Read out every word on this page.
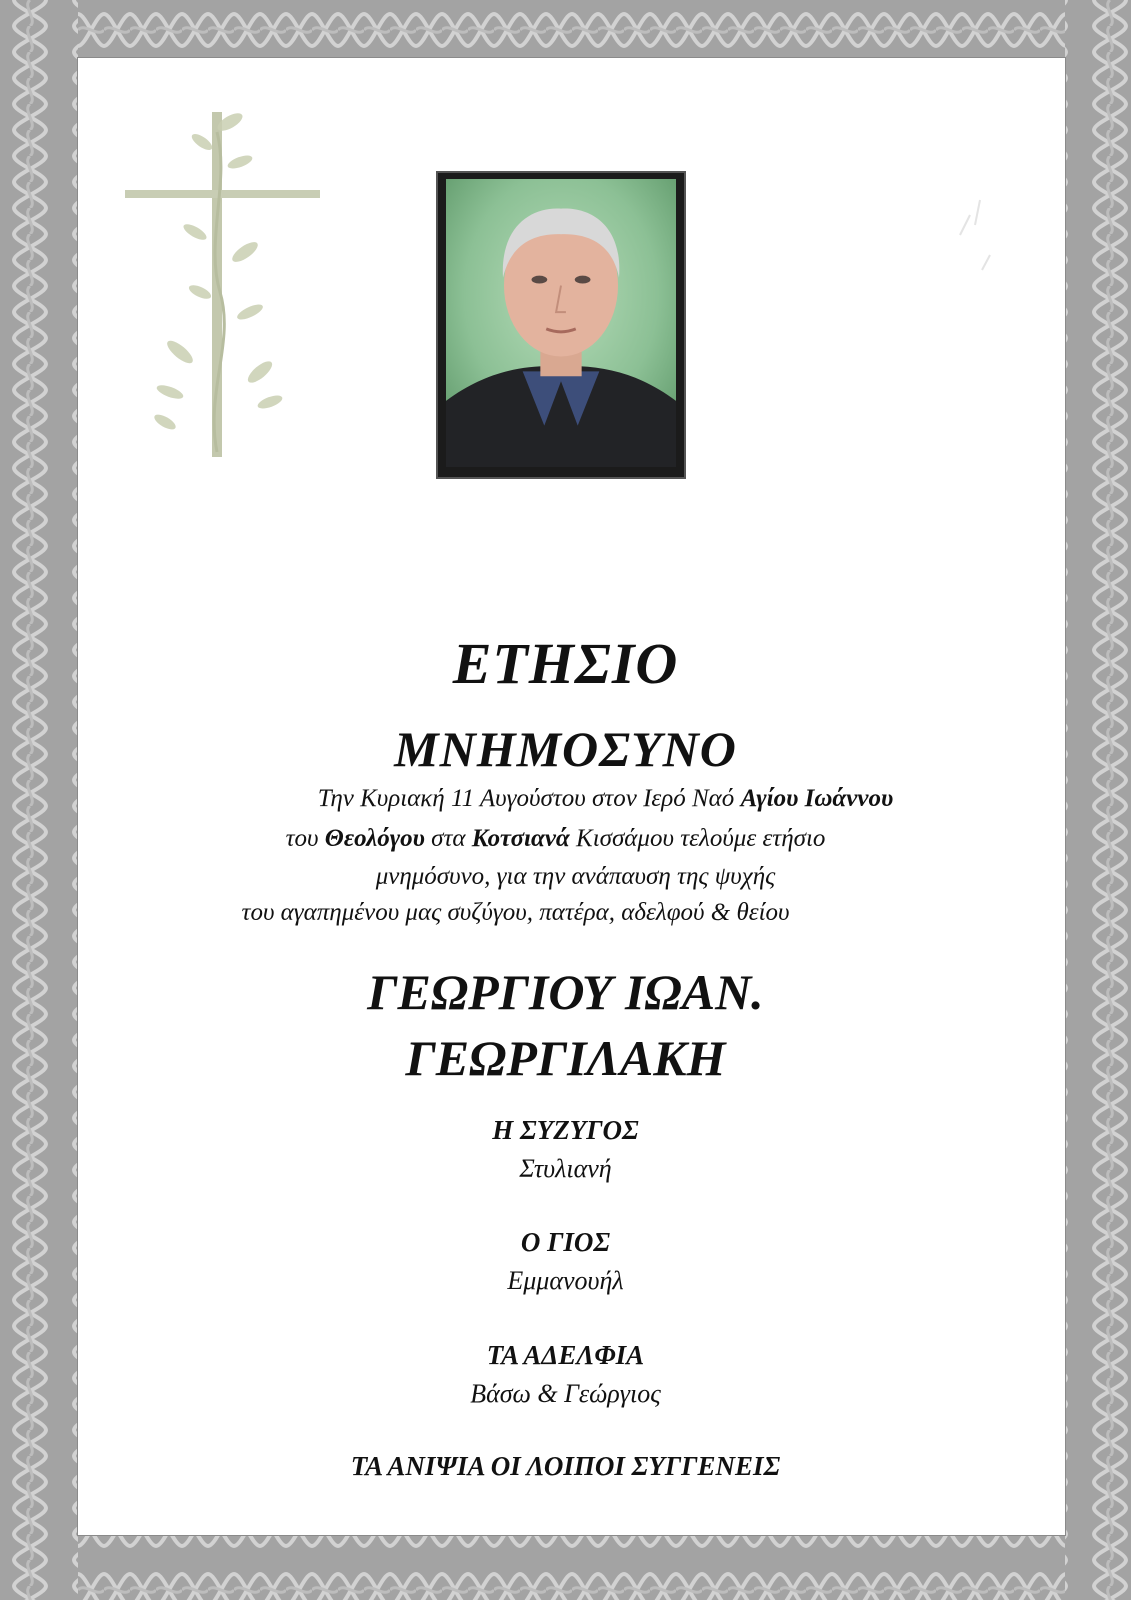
ΕΤΗΣΙΟ
ΜΝΗΜΟΣΥΝΟ
Την Κυριακή 11 Αυγούστου στον Ιερό Ναό Αγίου Ιωάννου
του Θεολόγου στα Κοτσιανά Κισσάμου τελούμε ετήσιο
μνημόσυνο, για την ανάπαυση της ψυχής
του αγαπημένου μας συζύγου, πατέρα, αδελφού & θείου
ΓΕΩΡΓΙΟΥ ΙΩΑΝ.
ΓΕΩΡΓΙΛΑΚΗ
Η ΣΥΖΥΓΟΣ
Στυλιανή
Ο ΓΙΟΣ
Εμμανουήλ
ΤΑ ΑΔΕΛΦΙΑ
Βάσω & Γεώργιος
ΤΑ ΑΝΙΨΙΑ ΟΙ ΛΟΙΠΟΙ ΣΥΓΓΕΝΕΙΣ
